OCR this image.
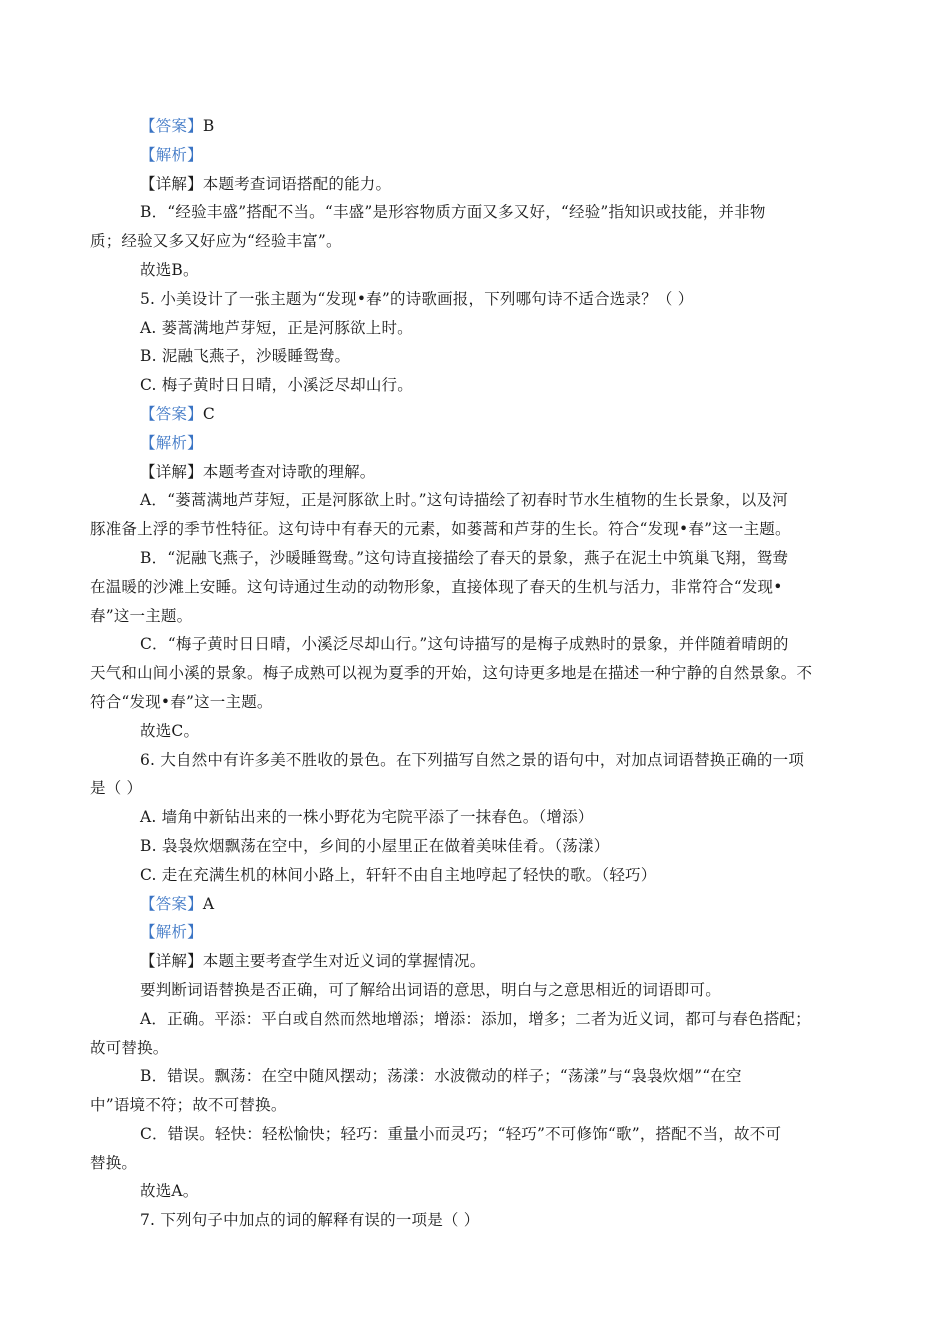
【答案】B
【解析】
【详解】本题考查词语搭配的能力。
B．“经验丰盛”搭配不当。“丰盛”是形容物质方面又多又好，“经验”指知识或技能，并非物
质；经验又多又好应为“经验丰富”。
故选B。
5. 小美设计了一张主题为“发现•春”的诗歌画报，下列哪句诗不适合选录？（ ）
A. 蒌蒿满地芦芽短，正是河豚欲上时。
B. 泥融飞燕子，沙暖睡鸳鸯。
C. 梅子黄时日日晴，小溪泛尽却山行。
【答案】C
【解析】
【详解】本题考查对诗歌的理解。
A．“蒌蒿满地芦芽短，正是河豚欲上时。”这句诗描绘了初春时节水生植物的生长景象，以及河
豚准备上浮的季节性特征。这句诗中有春天的元素，如蒌蒿和芦芽的生长。符合“发现•春”这一主题。
B．“泥融飞燕子，沙暖睡鸳鸯。”这句诗直接描绘了春天的景象，燕子在泥土中筑巢飞翔，鸳鸯
在温暖的沙滩上安睡。这句诗通过生动的动物形象，直接体现了春天的生机与活力，非常符合“发现•
春”这一主题。
C．“梅子黄时日日晴，小溪泛尽却山行。”这句诗描写的是梅子成熟时的景象，并伴随着晴朗的
天气和山间小溪的景象。梅子成熟可以视为夏季的开始，这句诗更多地是在描述一种宁静的自然景象。不
符合“发现•春”这一主题。
故选C。
6. 大自然中有许多美不胜收的景色。在下列描写自然之景的语句中，对加点词语替换正确的一项
是（ ）
A. 墙角中新钻出来的一株小野花为宅院平添了一抹春色。（增添）
B. 袅袅炊烟飘荡在空中，乡间的小屋里正在做着美味佳肴。（荡漾）
C. 走在充满生机的林间小路上，轩轩不由自主地哼起了轻快的歌。（轻巧）
【答案】A
【解析】
【详解】本题主要考查学生对近义词的掌握情况。
要判断词语替换是否正确，可了解给出词语的意思，明白与之意思相近的词语即可。
A．正确。平添：平白或自然而然地增添；增添：添加，增多；二者为近义词，都可与春色搭配；
故可替换。
B．错误。飘荡：在空中随风摆动；荡漾：水波微动的样子；“荡漾”与“袅袅炊烟”“在空
中”语境不符；故不可替换。
C．错误。轻快：轻松愉快；轻巧：重量小而灵巧；“轻巧”不可修饰“歌”，搭配不当，故不可
替换。
故选A。
7. 下列句子中加点的词的解释有误的一项是（ ）
